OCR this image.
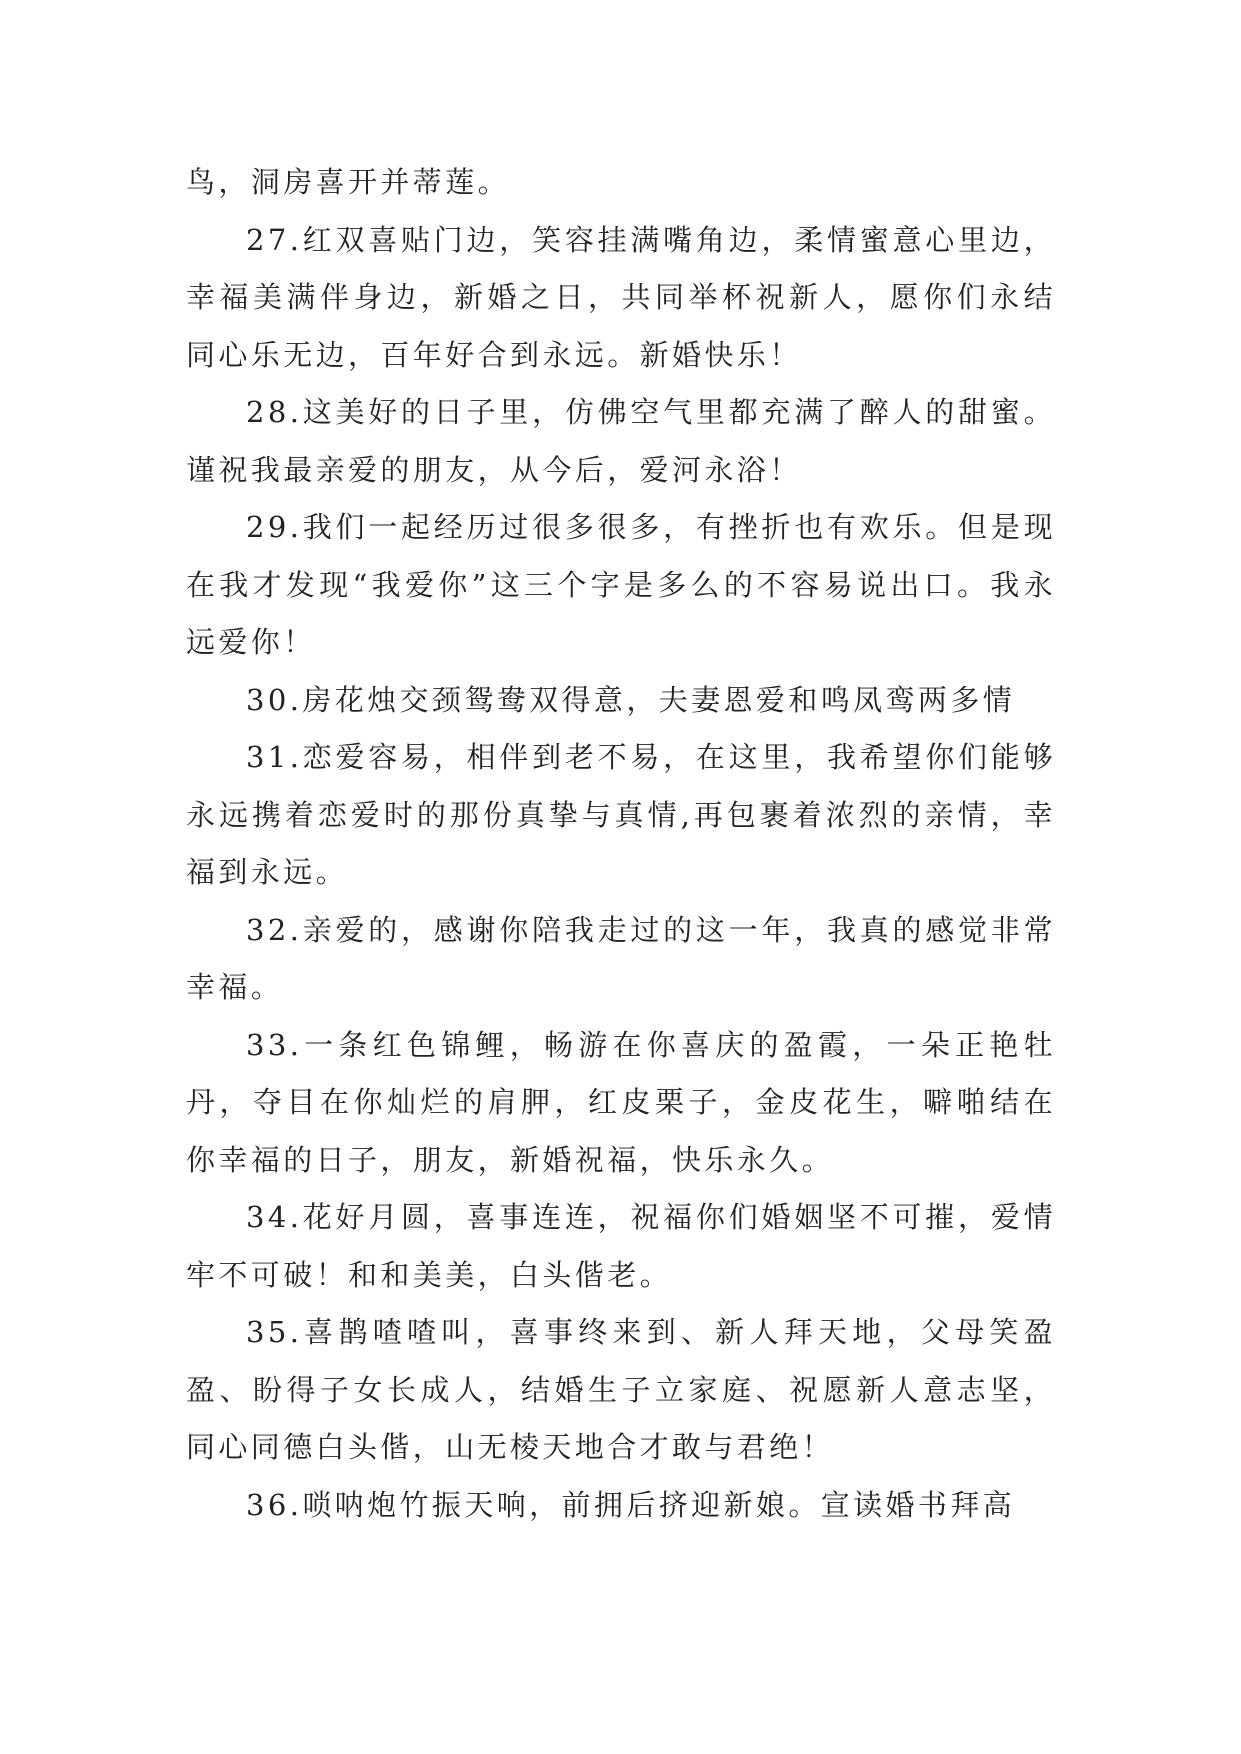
鸟，洞房喜开并蒂莲。

27.红双喜贴门边，笑容挂满嘴角边，柔情蜜意心里边，幸福美满伴身边，新婚之日，共同举杯祝新人，愿你们永结同心乐无边，百年好合到永远。新婚快乐！

28.这美好的日子里，仿佛空气里都充满了醉人的甜蜜。谨祝我最亲爱的朋友，从今后，爱河永浴！

29.我们一起经历过很多很多，有挫折也有欢乐。但是现在我才发现“我爱你”这三个字是多么的不容易说出口。我永远爱你！

30.房花烛交颈鸳鸯双得意，夫妻恩爱和鸣凤鸾两多情

31.恋爱容易，相伴到老不易，在这里，我希望你们能够永远携着恋爱时的那份真挚与真情,再包裹着浓烈的亲情，幸福到永远。

32.亲爱的，感谢你陪我走过的这一年，我真的感觉非常幸福。

33.一条红色锦鲤，畅游在你喜庆的盈霞，一朵正艳牡丹，夺目在你灿烂的肩胛，红皮栗子，金皮花生，噼啪结在你幸福的日子，朋友，新婚祝福，快乐永久。

34.花好月圆，喜事连连，祝福你们婚姻坚不可摧，爱情牢不可破！和和美美，白头偕老。

35.喜鹊喳喳叫，喜事终来到、新人拜天地，父母笑盈盈、盼得子女长成人，结婚生子立家庭、祝愿新人意志坚，同心同德白头偕，山无棱天地合才敢与君绝！

36.唢呐炮竹振天响，前拥后挤迎新娘。宣读婚书拜高
